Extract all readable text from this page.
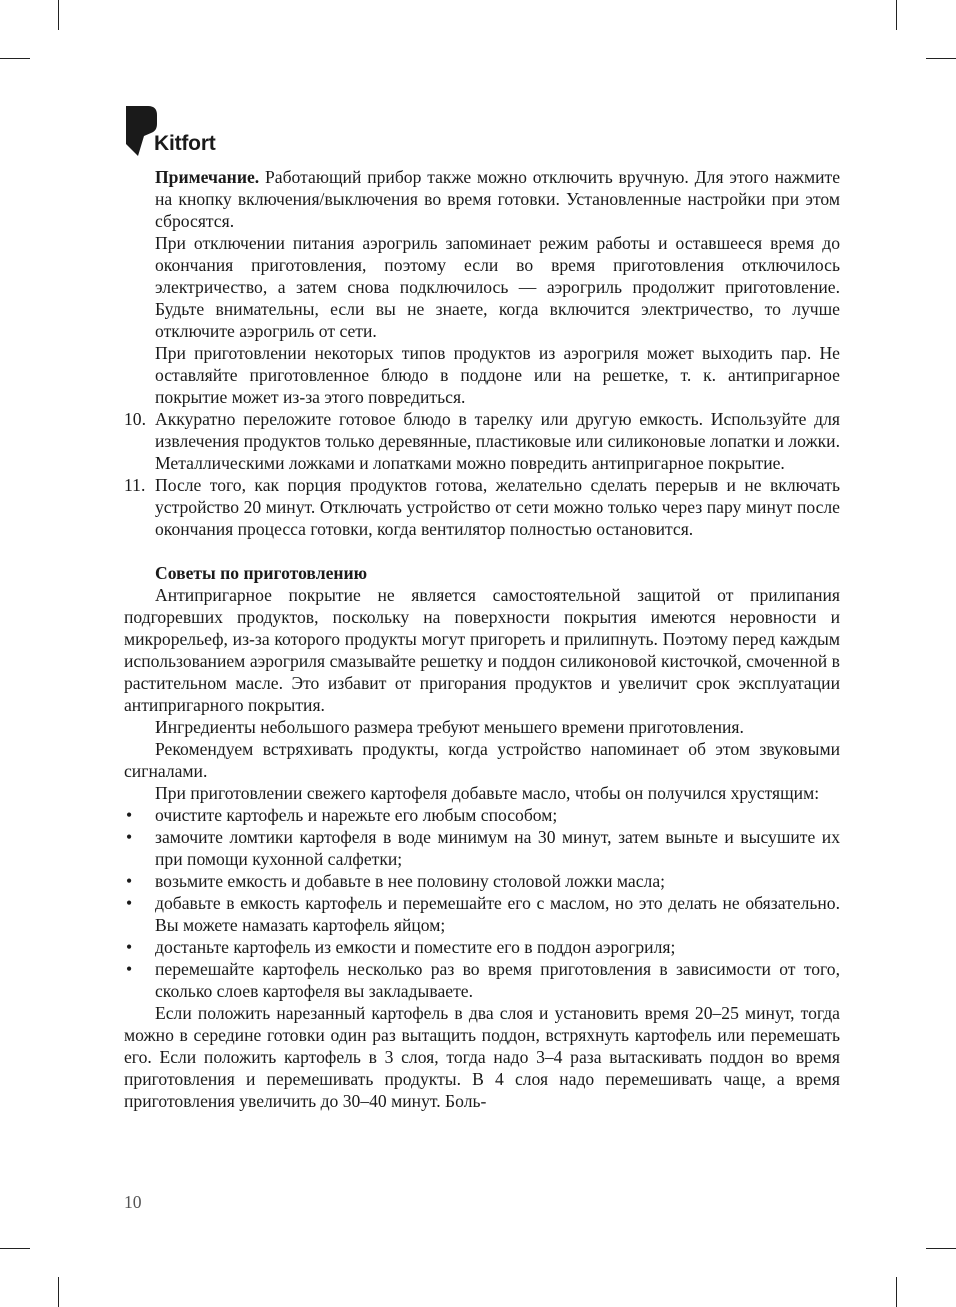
Kitfort

Примечание. Работающий прибор также можно отключить вручную. Для этого нажмите на кнопку включения/выключения во время готовки. Установленные настройки при этом сбросятся.

При отключении питания аэрогриль запоминает режим работы и оставшееся время до окончания приготовления, поэтому если во время приготовления отключилось электричество, а затем снова подключилось — аэрогриль продолжит приготовление. Будьте внимательны, если вы не знаете, когда включится электричество, то лучше отключите аэрогриль от сети.

При приготовлении некоторых типов продуктов из аэрогриля может выходить пар. Не оставляйте приготовленное блюдо в поддоне или на решетке, т. к. антипригарное покрытие может из-за этого повредиться.

10. Аккуратно переложите готовое блюдо в тарелку или другую емкость. Используйте для извлечения продуктов только деревянные, пластиковые или силиконовые лопатки и ложки. Металлическими ложками и лопатками можно повредить антипригарное покрытие.

11. После того, как порция продуктов готова, желательно сделать перерыв и не включать устройство 20 минут. Отключать устройство от сети можно только через пару минут после окончания процесса готовки, когда вентилятор полностью остановится.

Советы по приготовлению

Антипригарное покрытие не является самостоятельной защитой от прилипания подгоревших продуктов, поскольку на поверхности покрытия имеются неровности и микрорельеф, из-за которого продукты могут пригореть и прилипнуть. Поэтому перед каждым использованием аэрогриля смазывайте решетку и поддон силиконовой кисточкой, смоченной в растительном масле. Это избавит от пригорания продуктов и увеличит срок эксплуатации антипригарного покрытия.

Ингредиенты небольшого размера требуют меньшего времени приготовления.

Рекомендуем встряхивать продукты, когда устройство напоминает об этом звуковыми сигналами.

При приготовлении свежего картофеля добавьте масло, чтобы он получился хрустящим:

• очистите картофель и нарежьте его любым способом;

• замочите ломтики картофеля в воде минимум на 30 минут, затем выньте и высушите их при помощи кухонной салфетки;

• возьмите емкость и добавьте в нее половину столовой ложки масла;

• добавьте в емкость картофель и перемешайте его с маслом, но это делать не обязательно. Вы можете намазать картофель яйцом;

• достаньте картофель из емкости и поместите его в поддон аэрогриля;

• перемешайте картофель несколько раз во время приготовления в зависимости от того, сколько слоев картофеля вы закладываете.

Если положить нарезанный картофель в два слоя и установить время 20–25 минут, тогда можно в середине готовки один раз вытащить поддон, встряхнуть картофель или перемешать его. Если положить картофель в 3 слоя, тогда надо 3–4 раза вытаскивать поддон во время приготовления и перемешивать продукты. В 4 слоя надо перемешивать чаще, а время приготовления увеличить до 30–40 минут. Боль-

10
